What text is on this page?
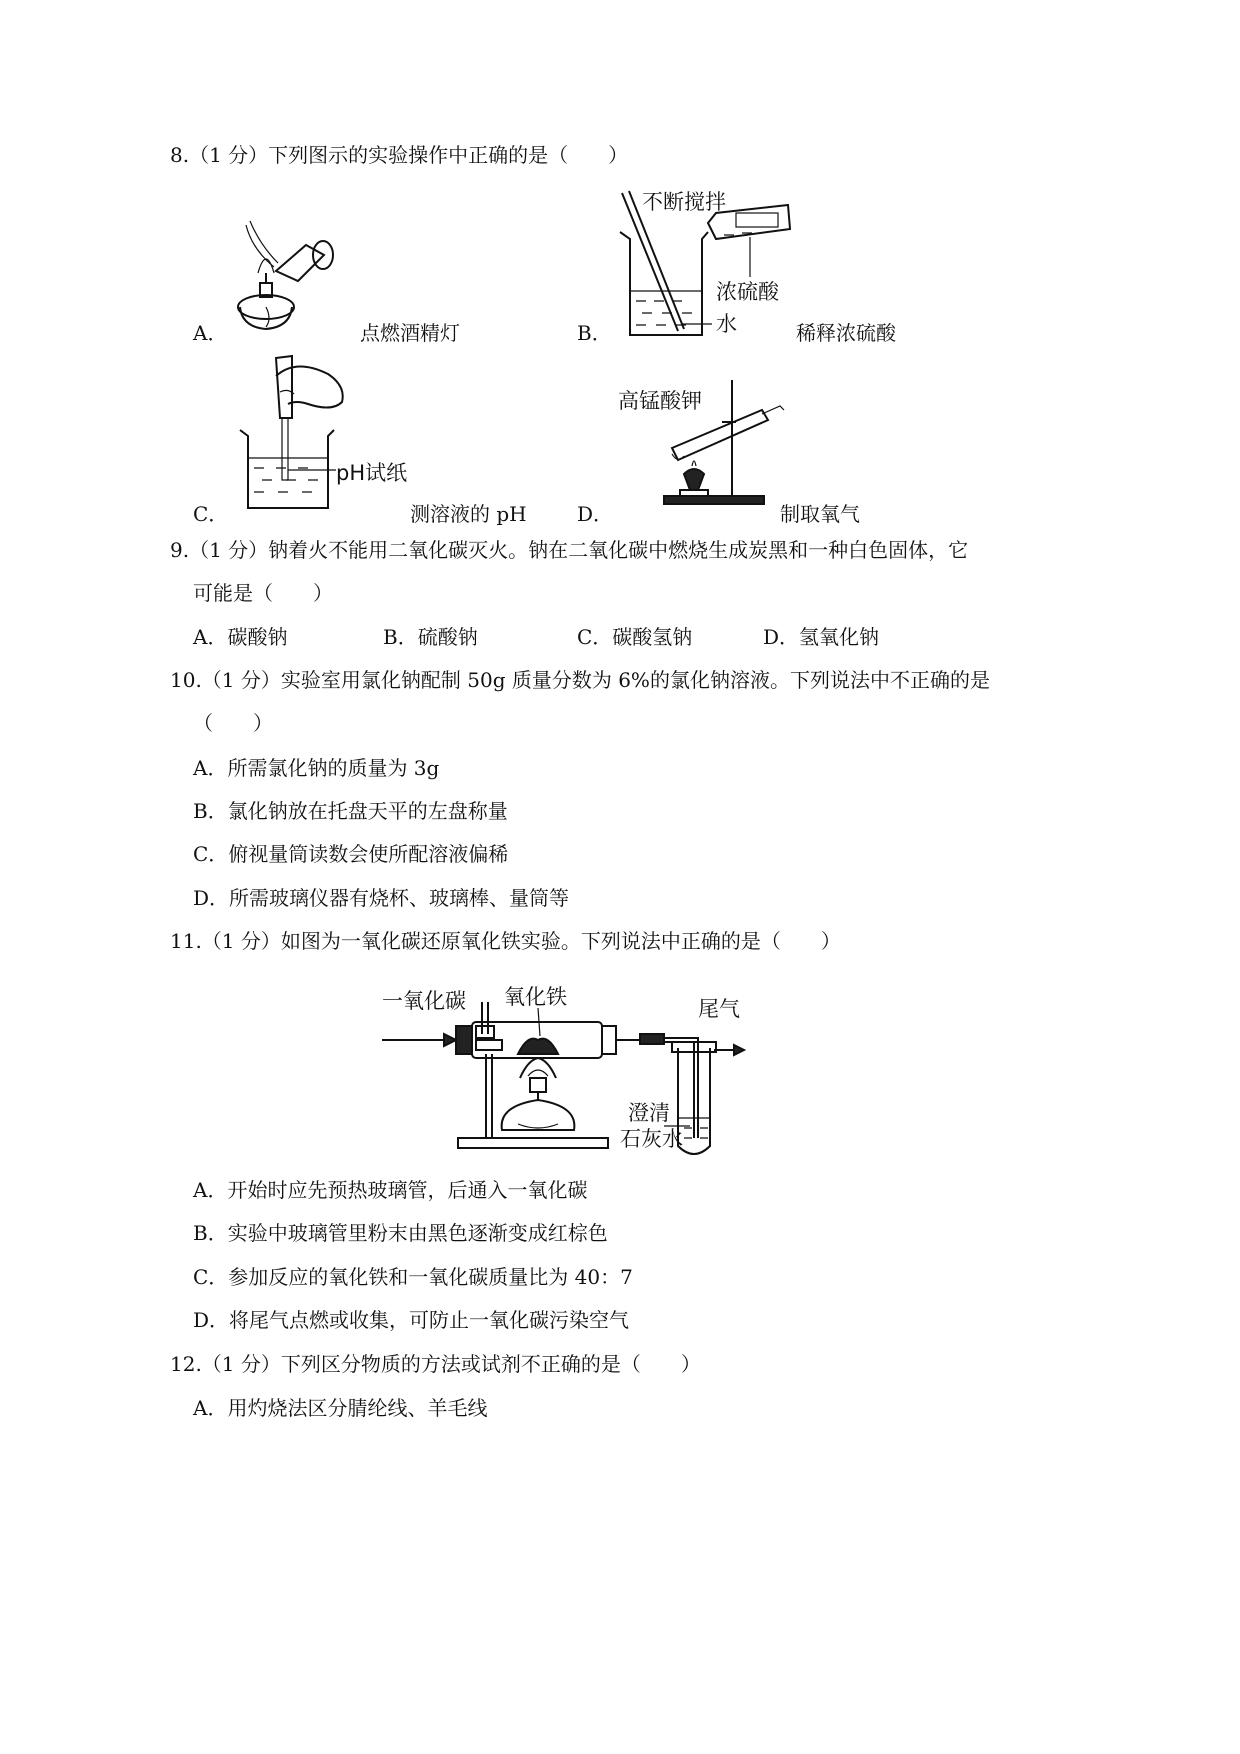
8.（1 分）下列图示的实验操作中正确的是（　　）
A．	点燃酒精灯
不断搅拌
浓硫酸
水
B．	稀释浓硫酸
pH试纸
C．	测溶液的 pH
高锰酸钾
D．	制取氧气
9.（1 分）钠着火不能用二氧化碳灭火。钠在二氧化碳中燃烧生成炭黑和一种白色固体，它
可能是（　　）
A．碳酸钠	B．硫酸钠	C．碳酸氢钠	D．氢氧化钠
10.（1 分）实验室用氯化钠配制 50g 质量分数为 6%的氯化钠溶液。下列说法中不正确的是
（　　）
A．所需氯化钠的质量为 3g
B．氯化钠放在托盘天平的左盘称量
C．俯视量筒读数会使所配溶液偏稀
D．所需玻璃仪器有烧杯、玻璃棒、量筒等
11.（1 分）如图为一氧化碳还原氧化铁实验。下列说法中正确的是（　　）
一氧化碳 氧化铁	尾气
澄清
石灰水
A．开始时应先预热玻璃管，后通入一氧化碳
B．实验中玻璃管里粉末由黑色逐渐变成红棕色
C．参加反应的氧化铁和一氧化碳质量比为 40：7
D．将尾气点燃或收集，可防止一氧化碳污染空气
12.（1 分）下列区分物质的方法或试剂不正确的是（　　）
A．用灼烧法区分腈纶线、羊毛线
